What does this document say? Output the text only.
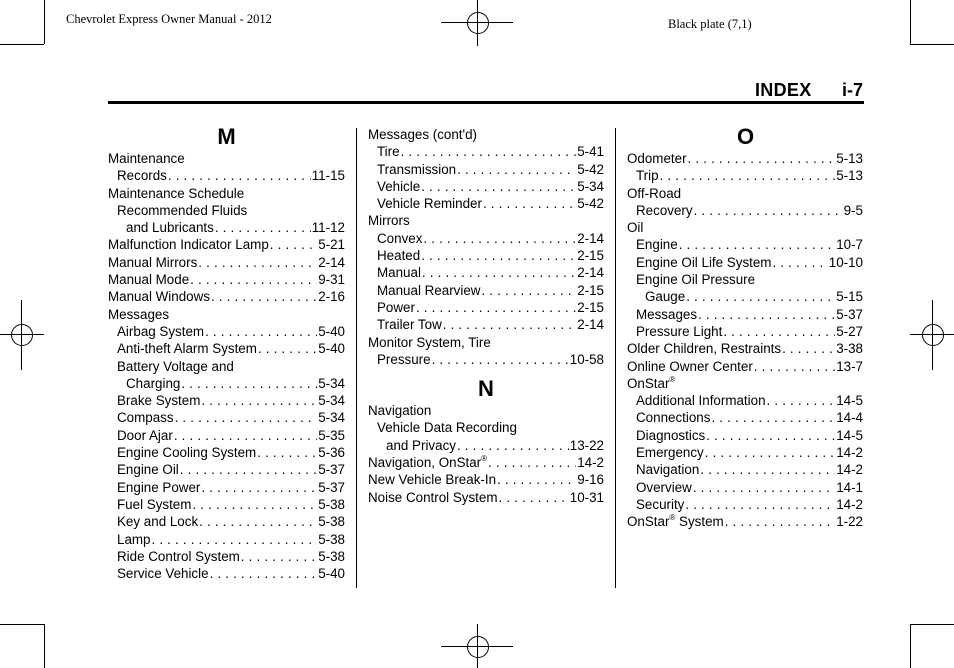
Chevrolet Express Owner Manual - 2012	Black plate (7,1)
INDEX i-7
M
Maintenance
Records . . .	11-15
Maintenance Schedule
Recommended Fluids
and Lubricants . . .	11-12
Malfunction Indicator Lamp . . .	5-21
Manual Mirrors . . .	2-14
Manual Mode . . .	9-31
Manual Windows . . .	2-16
Messages
Airbag System . . .	5-40
Anti-theft Alarm System . . .	5-40
Battery Voltage and
Charging . . .	5-34
Brake System . . .	5-34
Compass . . .	5-34
Door Ajar . . .	5-35
Engine Cooling System . . .	5-36
Engine Oil . . .	5-37
Engine Power . . .	5-37
Fuel System . . .	5-38
Key and Lock . . .	5-38
Lamp . . .	5-38
Ride Control System . . .	5-38
Service Vehicle . . .	5-40
Messages (cont'd)
Tire . . .	5-41
Transmission . . .	5-42
Vehicle . . .	5-34
Vehicle Reminder . . .	5-42
Mirrors
Convex . . .	2-14
Heated . . .	2-15
Manual . . .	2-14
Manual Rearview . . .	2-15
Power . . .	2-15
Trailer Tow . . .	2-14
Monitor System, Tire
Pressure . . .	10-58
N
Navigation
Vehicle Data Recording
and Privacy . . .	13-22
Navigation, OnStar® . . .	14-2
New Vehicle Break-In . . .	9-16
Noise Control System . . .	10-31
O
Odometer . . .	5-13
Trip . . .	5-13
Off-Road
Recovery . . .	9-5
Oil
Engine . . .	10-7
Engine Oil Life System . . .	10-10
Engine Oil Pressure
Gauge . . .	5-15
Messages . . .	5-37
Pressure Light . . .	5-27
Older Children, Restraints . . .	3-38
Online Owner Center . . .	13-7
OnStar®
Additional Information . . .	14-5
Connections . . .	14-4
Diagnostics . . .	14-5
Emergency . . .	14-2
Navigation . . .	14-2
Overview . . .	14-1
Security . . .	14-2
OnStar® System . . .	1-22
